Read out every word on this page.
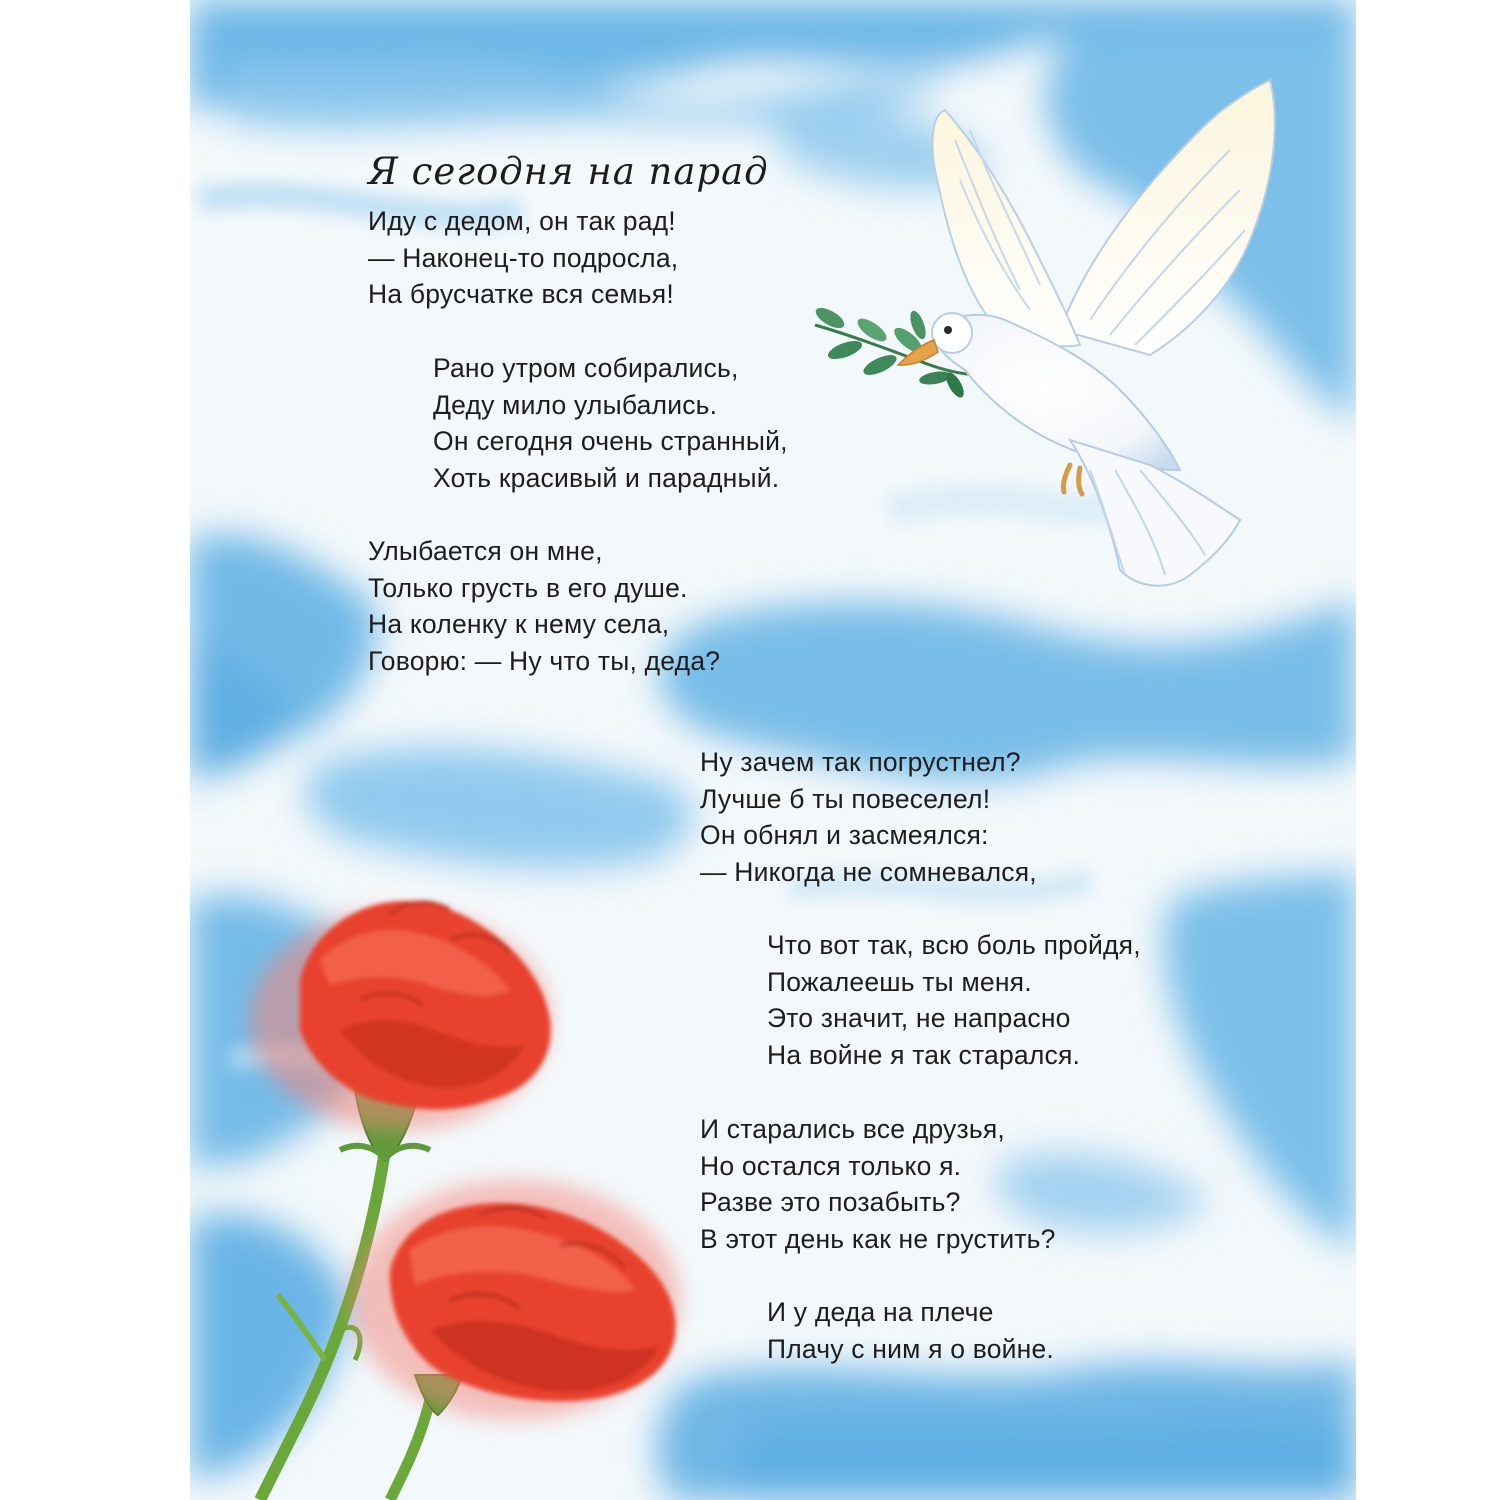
Я сегодня на парад
Иду с дедом, он так рад!
— Наконец-то подросла,
На брусчатке вся семья!
Рано утром собирались,
Деду мило улыбались.
Он сегодня очень странный,
Хоть красивый и парадный.
Улыбается он мне,
Только грусть в его душе.
На коленку к нему села,
Говорю: — Ну что ты, деда?
Ну зачем так погрустнел?
Лучше б ты повеселел!
Он обнял и засмеялся:
— Никогда не сомневался,
Что вот так, всю боль пройдя,
Пожалеешь ты меня.
Это значит, не напрасно
На войне я так старался.
И старались все друзья,
Но остался только я.
Разве это позабыть?
В этот день как не грустить?
И у деда на плече
Плачу с ним я о войне.
